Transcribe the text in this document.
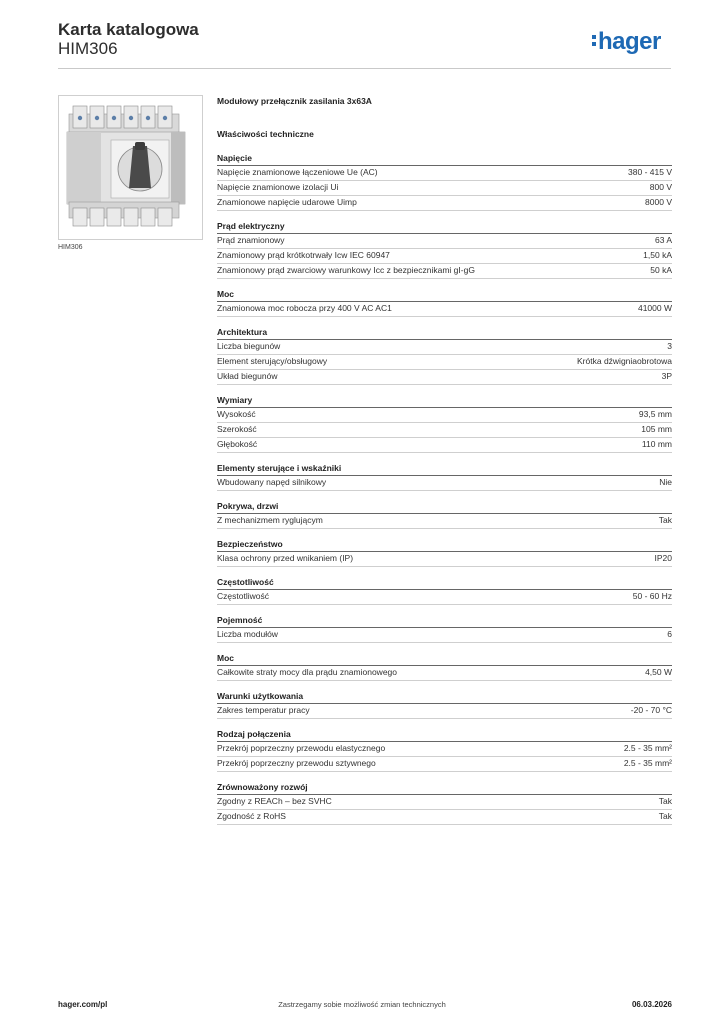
Karta katalogowa
HIM306	hager
HIM306
Modułowy przełącznik zasilania 3x63A
Właściwości techniczne
Napięcie
Napięcie znamionowe łączeniowe Ue (AC)	380 - 415 V
Napięcie znamionowe izolacji Ui	800 V
Znamionowe napięcie udarowe Uimp	8000 V
Prąd elektryczny
Prąd znamionowy	63 A
Znamionowy prąd krótkotrwały Icw IEC 60947	1,50 kA
Znamionowy prąd zwarciowy warunkowy Icc z bezpiecznikami gI-gG	50 kA
Moc
Znamionowa moc robocza przy 400 V AC AC1	41000 W
Architektura
Liczba biegunów	3
Element sterujący/obsługowy	Krótka dźwigniaobrotowa
Układ biegunów	3P
Wymiary
Wysokość	93,5 mm
Szerokość	105 mm
Głębokość	110 mm
Elementy sterujące i wskaźniki
Wbudowany napęd silnikowy	Nie
Pokrywa, drzwi
Z mechanizmem ryglującym	Tak
Bezpieczeństwo
Klasa ochrony przed wnikaniem (IP)	IP20
Częstotliwość
Częstotliwość	50 - 60 Hz
Pojemność
Liczba modułów	6
Moc
Całkowite straty mocy dla prądu znamionowego	4,50 W
Warunki użytkowania
Zakres temperatur pracy	-20 - 70 °C
Rodzaj połączenia
Przekrój poprzeczny przewodu elastycznego	2.5 - 35 mm²
Przekrój poprzeczny przewodu sztywnego	2.5 - 35 mm²
Zrównoważony rozwój
Zgodny z REACh – bez SVHC	Tak
Zgodność z RoHS	Tak
hager.com/pl	Zastrzegamy sobie możliwość zmian technicznych	06.03.2026
